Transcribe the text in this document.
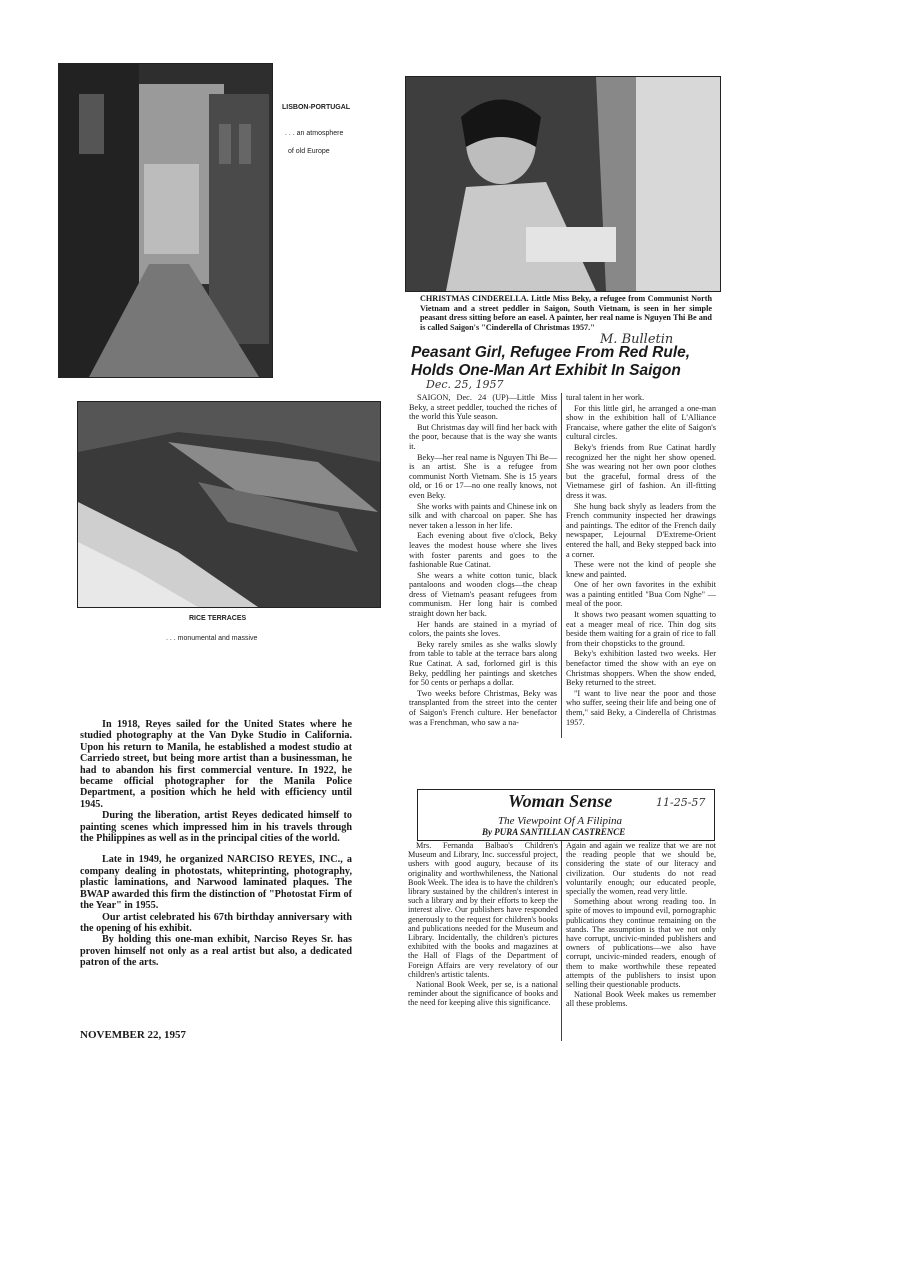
LISBON-PORTUGAL
. . . an atmosphere
of old Europe
RICE TERRACES
. . . monumental and massive

In 1918, Reyes sailed for the United States where he studied photography at the Van Dyke Studio in California. Upon his return to Manila, he established a modest studio at Carriedo street, but being more artist than a businessman, he had to abandon his first commercial venture. In 1922, he became official photographer for the Manila Police Department, a position which he held with efficiency until 1945.

During the liberation, artist Reyes dedicated himself to painting scenes which impressed him in his travels through the Philippines as well as in the principal cities of the world.

Late in 1949, he organized NARCISO REYES, INC., a company dealing in photostats, whiteprinting, photography, plastic laminations, and Narwood laminated plaques. The BWAP awarded this firm the distinction of "Photostat Firm of the Year" in 1955.

Our artist celebrated his 67th birthday anniversary with the opening of his exhibit.

By holding this one-man exhibit, Narciso Reyes Sr. has proven himself not only as a real artist but also, a dedicated patron of the arts.

NOVEMBER 22, 1957
CHRISTMAS CINDERELLA. Little Miss Beky, a refugee from Communist North Vietnam and a street peddler in Saigon, South Vietnam, is seen in her simple peasant dress sitting before an easel. A painter, her real name is Nguyen Thi Be and is called Saigon's "Cinderella of Christmas 1957."
M. Bulletin
Peasant Girl, Refugee From Red Rule,
Holds One-Man Art Exhibit In Saigon
Dec. 25, 1957

SAIGON, Dec. 24 (UP)—Little Miss Beky, a street peddler, touched the riches of the world this Yule season.

But Christmas day will find her back with the poor, because that is the way she wants it.

Beky—her real name is Nguyen Thi Be—is an artist. She is a refugee from communist North Vietnam. She is 15 years old, or 16 or 17—no one really knows, not even Beky.

She works with paints and Chinese ink on silk and with charcoal on paper. She has never taken a lesson in her life.

Each evening about five o'clock, Beky leaves the modest house where she lives with foster parents and goes to the fashionable Rue Catinat.

She wears a white cotton tunic, black pantaloons and wooden clogs—the cheap dress of Vietnam's peasant refugees from communism. Her long hair is combed straight down her back.

Her hands are stained in a myriad of colors, the paints she loves.

Beky rarely smiles as she walks slowly from table to table at the terrace bars along Rue Catinat. A sad, forlorned girl is this Beky, peddling her paintings and sketches for 50 cents or perhaps a dollar.

Two weeks before Christmas, Beky was transplanted from the street into the center of Saigon's French culture. Her benefactor was a Frenchman, who saw a na-

tural talent in her work.

For this little girl, he arranged a one-man show in the exhibition hall of L'Alliance Francaise, where gather the elite of Saigon's cultural circles.

Beky's friends from Rue Catinat hardly recognized her the night her show opened. She was wearing not her own poor clothes but the graceful, formal dress of the Vietnamese girl of fashion. An ill-fitting dress it was.

She hung back shyly as leaders from the French community inspected her drawings and paintings. The editor of the French daily newspaper, Lejournal D'Extreme-Orient entered the hall, and Beky stepped back into a corner.

These were not the kind of people she knew and painted.

One of her own favorites in the exhibit was a painting entitled "Bua Com Nghe" — meal of the poor.

It shows two peasant women squatting to eat a meager meal of rice. Thin dog sits beside them waiting for a grain of rice to fall from their chopsticks to the ground.

Beky's exhibition lasted two weeks. Her benefactor timed the show with an eye on Christmas shoppers. When the show ended, Beky returned to the street.

"I want to live near the poor and those who suffer, seeing their life and being one of them," said Beky, a Cinderella of Christmas 1957.

Woman Sense	11-25-57
The Viewpoint Of A Filipina
By PURA SANTILLAN CASTRENCE

Mrs. Fernanda Balbao's Children's Museum and Library, Inc. successful project, ushers with good augury, because of its originality and worthwhileness, the National Book Week. The idea is to have the children's library sustained by the children's interest in such a library and by their efforts to keep the interest alive. Our publishers have responded generously to the request for children's books and publications needed for the Museum and Library. Incidentally, the children's pictures exhibited with the books and magazines at the Hall of Flags of the Department of Foreign Affairs are very revelatory of our children's artistic talents.

National Book Week, per se, is a national reminder about the significance of books and the need for keeping alive this significance.

Again and again we realize that we are not the reading people that we should be, considering the state of our literacy and civilization. Our students do not read voluntarily enough; our educated people, specially the women, read very little.

Something about wrong reading too. In spite of moves to impound evil, pornographic publications they continue remaining on the stands. The assumption is that we not only have corrupt, uncivic-minded publishers and owners of publications—we also have corrupt, uncivic-minded readers, enough of them to make worthwhile these repeated attempts of the publishers to insist upon selling their questionable products.

National Book Week makes us remember all these problems.
